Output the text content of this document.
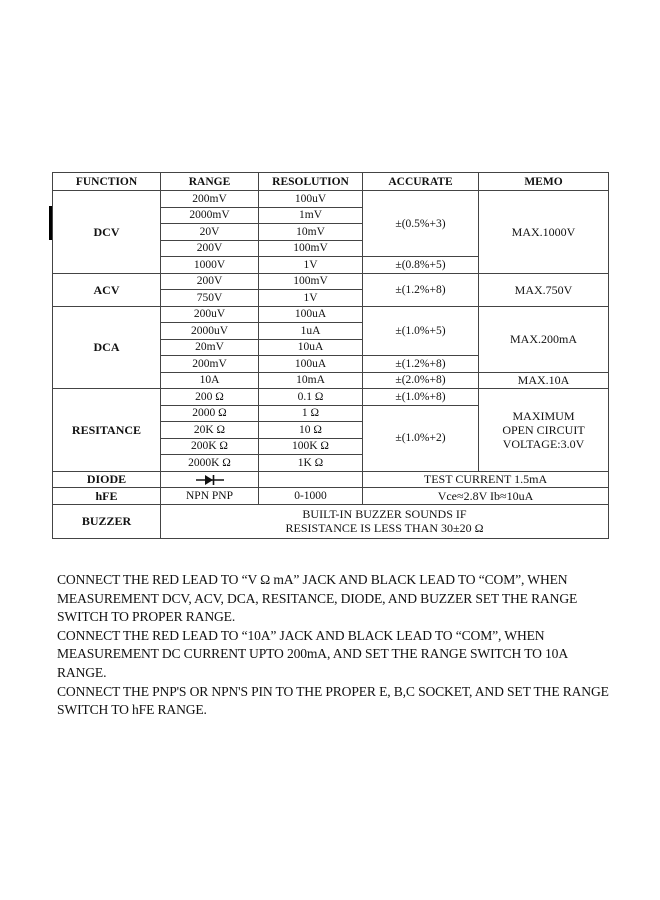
FUNCTION	RANGE	RESOLUTION	ACCURATE	MEMO
DCV	200mV	100uV	±(0.5%+3)	MAX.1000V
	2000mV	1mV		
	20V	10mV		
	200V	100mV		
	1000V	1V	±(0.8%+5)	
ACV	200V	100mV	±(1.2%+8)	MAX.750V
	750V	1V		
DCA	200uV	100uA	±(1.0%+5)	MAX.200mA
	2000uV	1uA		
	20mV	10uA		
	200mV	100uA	±(1.2%+8)	
	10A	10mA	±(2.0%+8)	MAX.10A
RESITANCE	200 Ω	0.1 Ω	±(1.0%+8)	MAXIMUM
OPEN CIRCUIT
VOLTAGE:3.0V

	2000 Ω	1 Ω	±(1.0%+2)	
	20K Ω	10 Ω		
	200K Ω	100K Ω		
	2000K Ω	1K Ω		
DIODE			TEST CURRENT 1.5mA	
hFE	NPN PNP	0-1000	Vce≈2.8V Ib≈10uA	
BUZZER	BUILT-IN BUZZER SOUNDS IF
RESISTANCE IS LESS THAN 30±20 Ω			

CONNECT THE RED LEAD TO “V Ω mA” JACK AND BLACK LEAD TO “COM”, WHEN MEASUREMENT DCV, ACV, DCA, RESITANCE, DIODE, AND BUZZER SET THE RANGE SWITCH TO PROPER RANGE.

CONNECT THE RED LEAD TO “10A” JACK AND BLACK LEAD TO “COM”, WHEN MEASUREMENT DC CURRENT UPTO 200mA, AND SET THE RANGE SWITCH TO 10A RANGE.

CONNECT THE PNP'S OR NPN'S PIN TO THE PROPER E, B,C SOCKET, AND SET THE RANGE SWITCH TO hFE RANGE.
